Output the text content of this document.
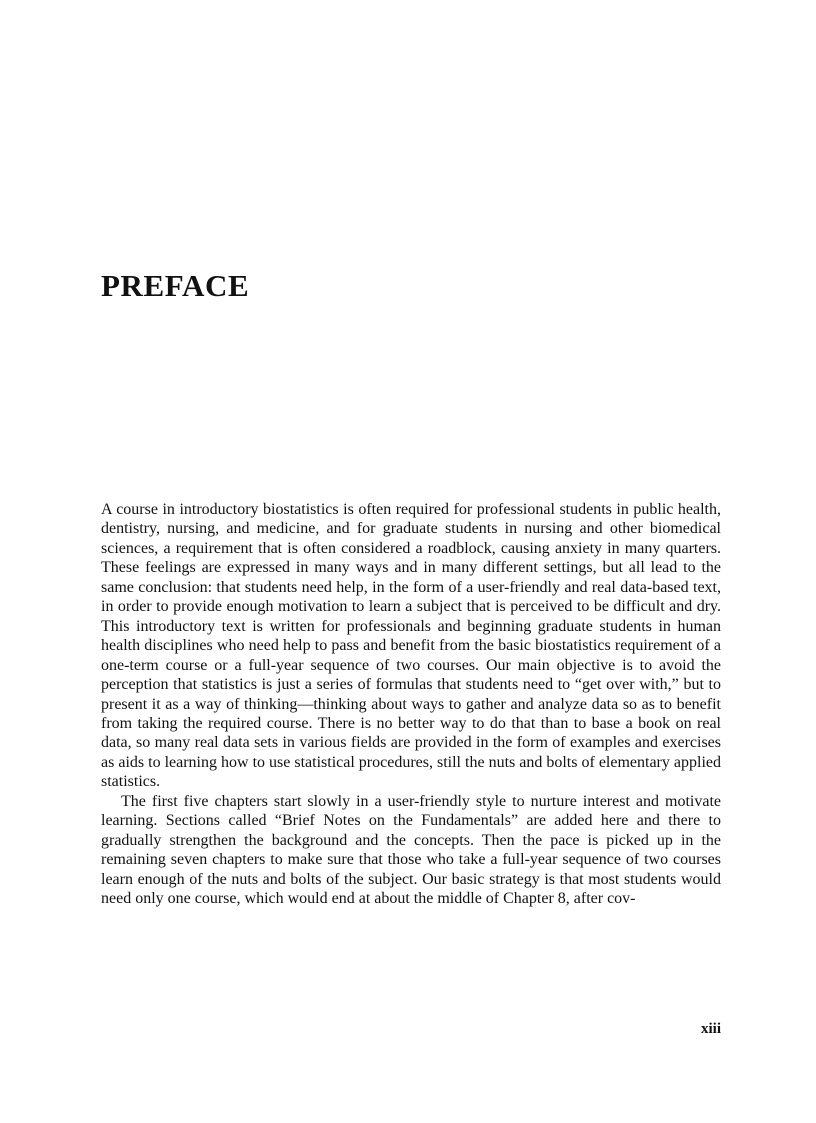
PREFACE

A course in introductory biostatistics is often required for professional students in public health, dentistry, nursing, and medicine, and for graduate students in nursing and other biomedical sciences, a requirement that is often considered a roadblock, causing anxiety in many quarters. These feelings are expressed in many ways and in many different settings, but all lead to the same conclusion: that students need help, in the form of a user-friendly and real data-based text, in order to provide enough motivation to learn a subject that is perceived to be difficult and dry. This introductory text is written for professionals and beginning graduate students in human health disciplines who need help to pass and benefit from the basic biostatistics requirement of a one-term course or a full-​year sequence of two courses. Our main objective is to avoid the perception that statistics is just a series of formulas that students need to “get over with,” but to present it as a way of thinking—thinking about ways to gather and analyze data so as to benefit from taking the required course. There is no better way to do that than to base a book on real data, so many real data sets in various fields are provided in the form of examples and exercises as aids to learning how to use statistical procedures, still the nuts and bolts of elementary applied statistics.

The first five chapters start slowly in a user-friendly style to nurture interest and motivate learning. Sections called “Brief Notes on the Fundamentals” are added here and there to gradually strengthen the background and the concepts. Then the pace is picked up in the remaining seven chapters to make sure that those who take a full-year sequence of two courses learn enough of the nuts and bolts of the subject. Our basic strategy is that most students would need only one course, which would end at about the middle of Chapter 8, after cov-

xiii
